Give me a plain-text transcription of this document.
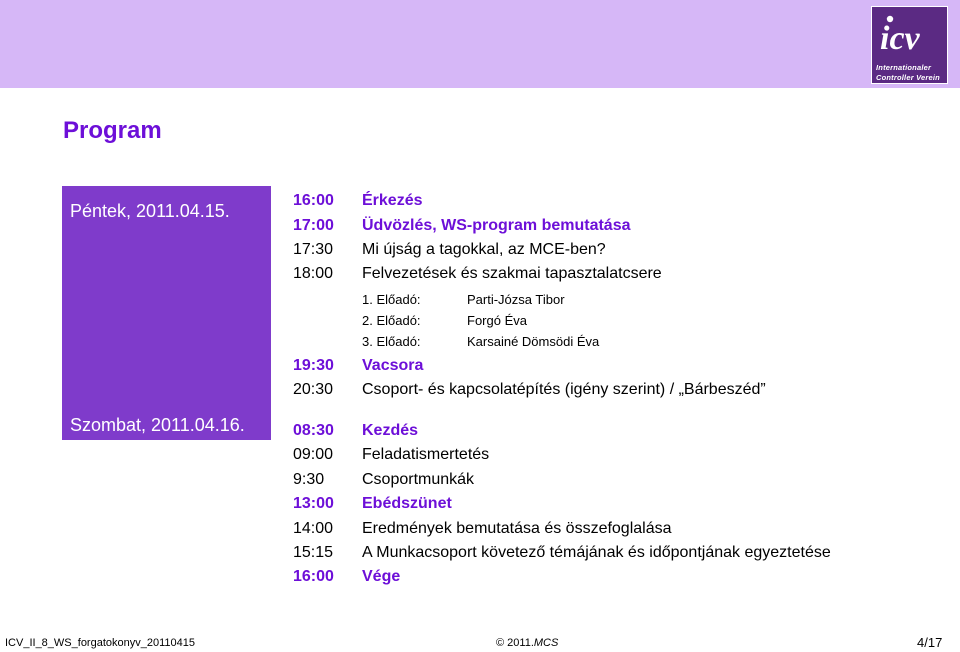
icv
Internationaler
Controller Verein
Program
Péntek, 2011.04.15.
Szombat, 2011.04.16.
16:00 Érkezés
17:00 Üdvözlés, WS-program bemutatása
17:30 Mi újság a tagokkal, az MCE-ben?
18:00 Felvezetések és szakmai tapasztalatcsere
1. Előadó:	Parti-Józsa Tibor
2. Előadó:	Forgó Éva
3. Előadó:	Karsainé Dömsödi Éva
19:30 Vacsora
20:30 Csoport- és kapcsolatépítés (igény szerint) / „Bárbeszéd”
08:30 Kezdés
09:00 Feladatismertetés
9:30 Csoportmunkák
13:00 Ebédszünet
14:00 Eredmények bemutatása és összefoglalása
15:15 A Munkacsoport követező témájának és időpontjának egyeztetése
16:00 Vége
ICV_II_8_WS_forgatokonyv_20110415	© 2011.MCS	4/17
